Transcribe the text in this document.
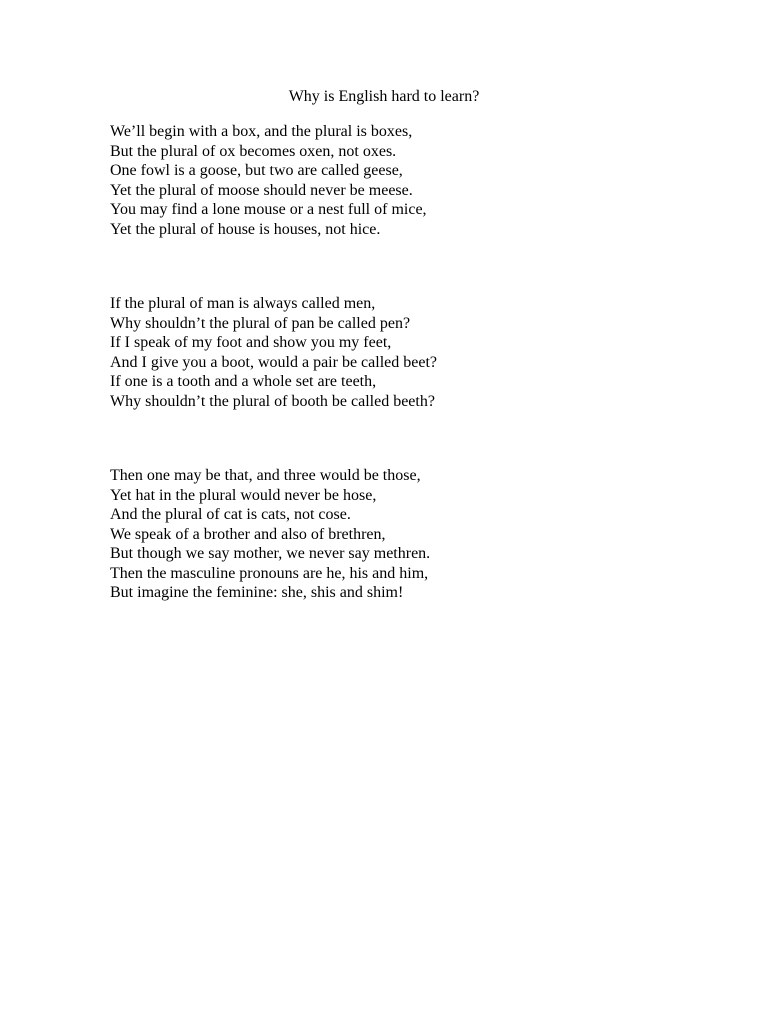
Why is English hard to learn?
We’ll begin with a box, and the plural is boxes,
But the plural of ox becomes oxen, not oxes.
One fowl is a goose, but two are called geese,
Yet the plural of moose should never be meese.
You may find a lone mouse or a nest full of mice,
Yet the plural of house is houses, not hice.
If the plural of man is always called men,
Why shouldn’t the plural of pan be called pen?
If I speak of my foot and show you my feet,
And I give you a boot, would a pair be called beet?
If one is a tooth and a whole set are teeth,
Why shouldn’t the plural of booth be called beeth?
Then one may be that, and three would be those,
Yet hat in the plural would never be hose,
And the plural of cat is cats, not cose.
We speak of a brother and also of brethren,
But though we say mother, we never say methren.
Then the masculine pronouns are he, his and him,
But imagine the feminine: she, shis and shim!
